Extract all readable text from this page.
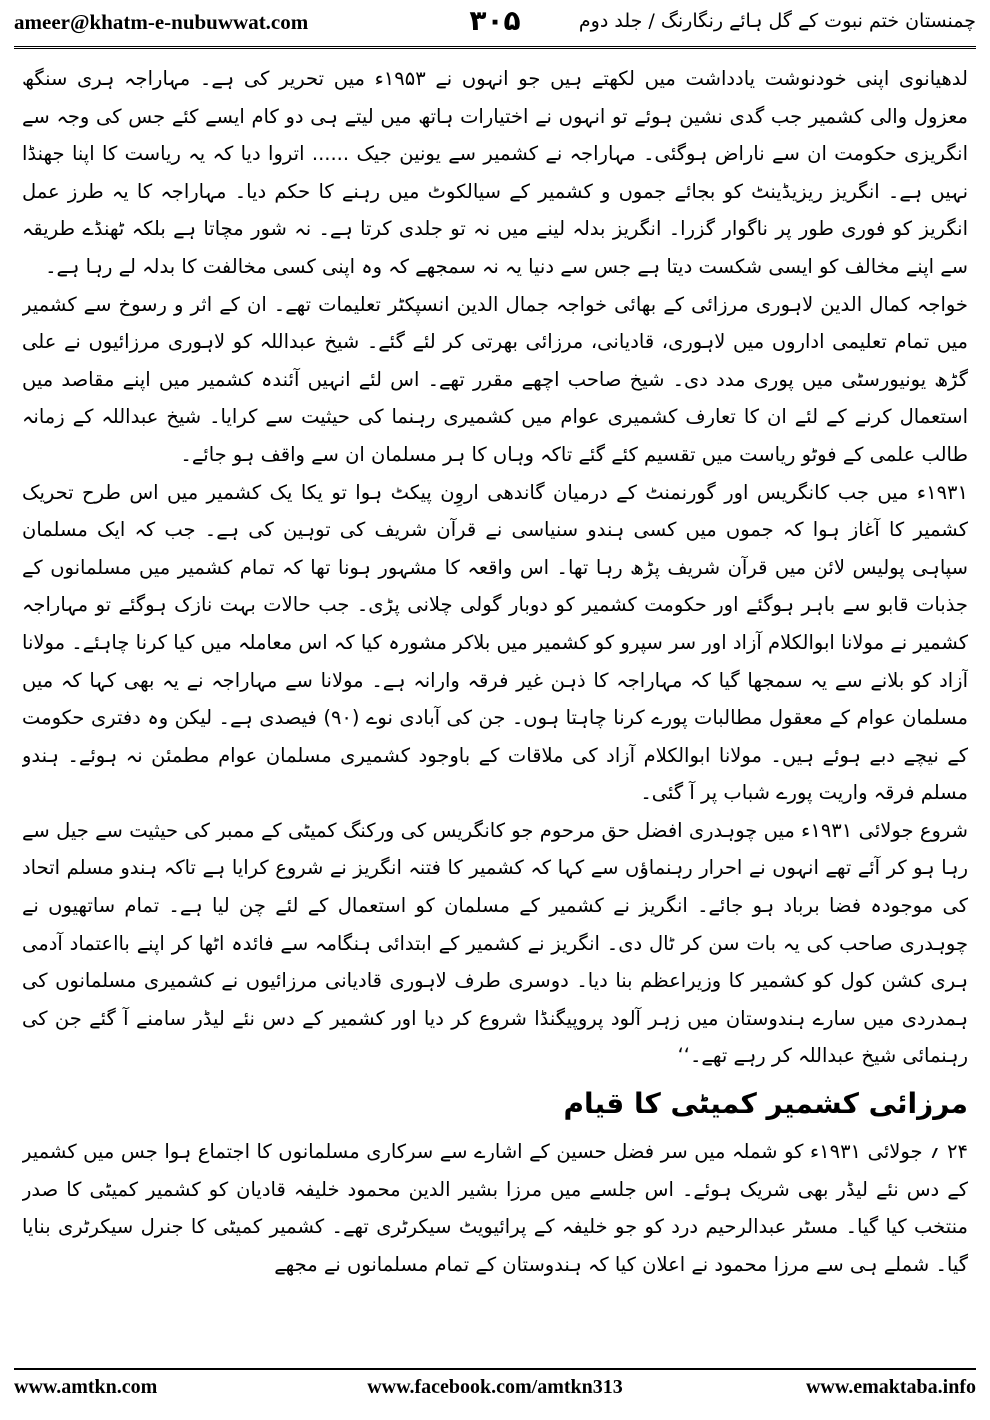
ameer@khatm-e-nubuwwat.com	۳۰۵	چمنستان ختم نبوت کے گل ہائے رنگارنگ / جلد دوم

لدھیانوی اپنی خودنوشت یادداشت میں لکھتے ہیں جو انہوں نے ۱۹۵۳ء میں تحریر کی ہے۔ مہاراجہ ہری سنگھ معزول والی کشمیر جب گدی نشین ہوئے تو انہوں نے اختیارات ہاتھ میں لیتے ہی دو کام ایسے کئے جس کی وجہ سے انگریزی حکومت ان سے ناراض ہوگئی۔ مہاراجہ نے کشمیر سے یونین جیک ...... اتروا دیا کہ یہ ریاست کا اپنا جھنڈا نہیں ہے۔ انگریز ریزیڈینٹ کو بجائے جموں و کشمیر کے سیالکوٹ میں رہنے کا حکم دیا۔ مہاراجہ کا یہ طرز عمل انگریز کو فوری طور پر ناگوار گزرا۔ انگریز بدلہ لینے میں نہ تو جلدی کرتا ہے۔ نہ شور مچاتا ہے بلکہ ٹھنڈے طریقہ سے اپنے مخالف کو ایسی شکست دیتا ہے جس سے دنیا یہ نہ سمجھے کہ وہ اپنی کسی مخالفت کا بدلہ لے رہا ہے۔

خواجہ کمال الدین لاہوری مرزائی کے بھائی خواجہ جمال الدین انسپکٹر تعلیمات تھے۔ ان کے اثر و رسوخ سے کشمیر میں تمام تعلیمی اداروں میں لاہوری، قادیانی، مرزائی بھرتی کر لئے گئے۔ شیخ عبداللہ کو لاہوری مرزائیوں نے علی گڑھ یونیورسٹی میں پوری مدد دی۔ شیخ صاحب اچھے مقرر تھے۔ اس لئے انہیں آئندہ کشمیر میں اپنے مقاصد میں استعمال کرنے کے لئے ان کا تعارف کشمیری عوام میں کشمیری رہنما کی حیثیت سے کرایا۔ شیخ عبداللہ کے زمانہ طالب علمی کے فوٹو ریاست میں تقسیم کئے گئے تاکہ وہاں کا ہر مسلمان ان سے واقف ہو جائے۔

۱۹۳۱ء میں جب کانگریس اور گورنمنٹ کے درمیان گاندھی اروِن پیکٹ ہوا تو یکا یک کشمیر میں اس طرح تحریک کشمیر کا آغاز ہوا کہ جموں میں کسی ہندو سنیاسی نے قرآن شریف کی توہین کی ہے۔ جب کہ ایک مسلمان سپاہی پولیس لائن میں قرآن شریف پڑھ رہا تھا۔ اس واقعہ کا مشہور ہونا تھا کہ تمام کشمیر میں مسلمانوں کے جذبات قابو سے باہر ہوگئے اور حکومت کشمیر کو دوبار گولی چلانی پڑی۔ جب حالات بہت نازک ہوگئے تو مہاراجہ کشمیر نے مولانا ابوالکلام آزاد اور سر سپرو کو کشمیر میں بلاکر مشورہ کیا کہ اس معاملہ میں کیا کرنا چاہئے۔ مولانا آزاد کو بلانے سے یہ سمجھا گیا کہ مہاراجہ کا ذہن غیر فرقہ وارانہ ہے۔ مولانا سے مہاراجہ نے یہ بھی کہا کہ میں مسلمان عوام کے معقول مطالبات پورے کرنا چاہتا ہوں۔ جن کی آبادی نوے (۹۰) فیصدی ہے۔ لیکن وہ دفتری حکومت کے نیچے دبے ہوئے ہیں۔ مولانا ابوالکلام آزاد کی ملاقات کے باوجود کشمیری مسلمان عوام مطمئن نہ ہوئے۔ ہندو مسلم فرقہ واریت پورے شباب پر آ گئی۔

شروع جولائی ۱۹۳۱ء میں چوہدری افضل حق مرحوم جو کانگریس کی ورکنگ کمیٹی کے ممبر کی حیثیت سے جیل سے رہا ہو کر آئے تھے انہوں نے احرار رہنماؤں سے کہا کہ کشمیر کا فتنہ انگریز نے شروع کرایا ہے تاکہ ہندو مسلم اتحاد کی موجودہ فضا برباد ہو جائے۔ انگریز نے کشمیر کے مسلمان کو استعمال کے لئے چن لیا ہے۔ تمام ساتھیوں نے چوہدری صاحب کی یہ بات سن کر ٹال دی۔ انگریز نے کشمیر کے ابتدائی ہنگامہ سے فائدہ اٹھا کر اپنے بااعتماد آدمی ہری کشن کول کو کشمیر کا وزیراعظم بنا دیا۔ دوسری طرف لاہوری قادیانی مرزائیوں نے کشمیری مسلمانوں کی ہمدردی میں سارے ہندوستان میں زہر آلود پروپیگنڈا شروع کر دیا اور کشمیر کے دس نئے لیڈر سامنے آ گئے جن کی رہنمائی شیخ عبداللہ کر رہے تھے۔‘‘

مرزائی کشمیر کمیٹی کا قیام

۲۴ ؍ جولائی ۱۹۳۱ء کو شملہ میں سر فضل حسین کے اشارے سے سرکاری مسلمانوں کا اجتماع ہوا جس میں کشمیر کے دس نئے لیڈر بھی شریک ہوئے۔ اس جلسے میں مرزا بشیر الدین محمود خلیفہ قادیان کو کشمیر کمیٹی کا صدر منتخب کیا گیا۔ مسٹر عبدالرحیم درد کو جو خلیفہ کے پرائیویٹ سیکرٹری تھے۔ کشمیر کمیٹی کا جنرل سیکرٹری بنایا گیا۔ شملے ہی سے مرزا محمود نے اعلان کیا کہ ہندوستان کے تمام مسلمانوں نے مجھے

www.amtkn.com	www.facebook.com/amtkn313	www.emaktaba.info
